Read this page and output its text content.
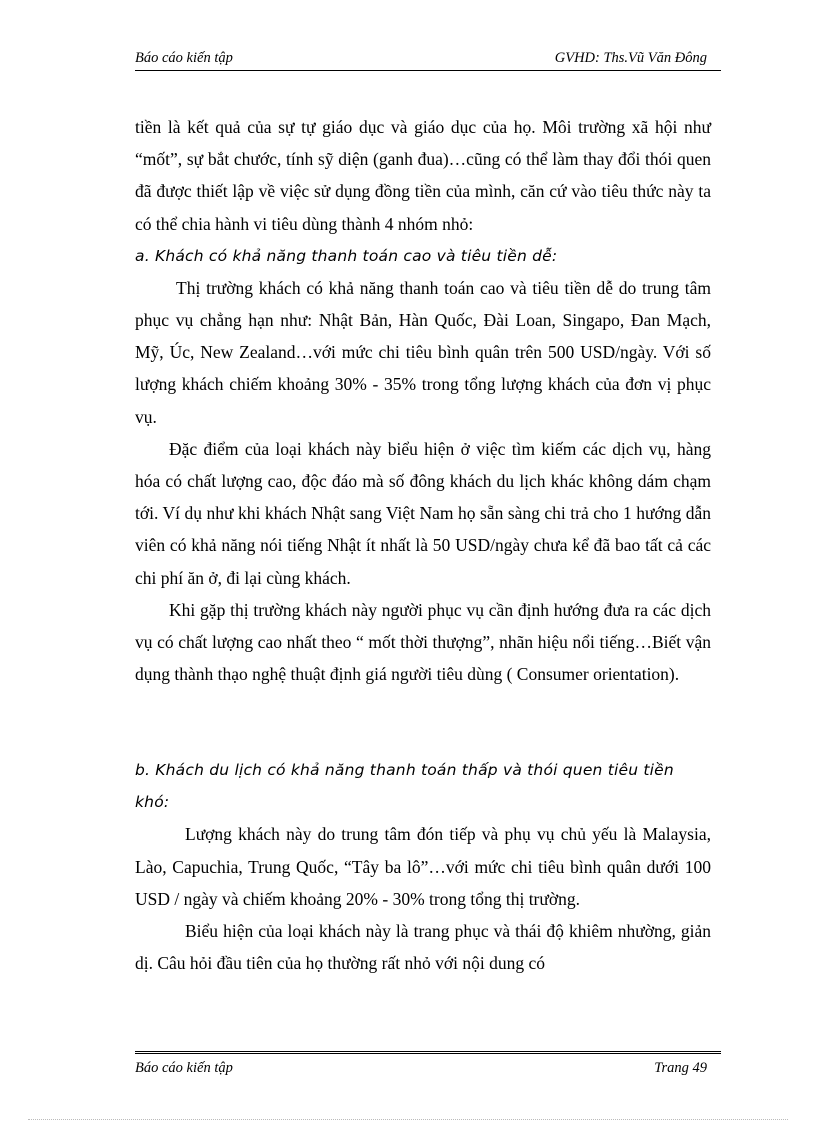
Báo cáo kiến tập	GVHD: Ths.Vũ Văn Đông

tiền là kết quả của sự tự giáo dục và giáo dục của họ. Môi trường xã hội như “mốt”, sự bắt chước, tính sỹ diện (ganh đua)…cũng có thể làm thay đổi thói quen đã được thiết lập về việc sử dụng đồng tiền của mình, căn cứ vào tiêu thức này ta có thể chia hành vi tiêu dùng thành 4 nhóm nhỏ:

a. Khách có khả năng thanh toán cao và tiêu tiền dễ:

Thị trường khách có khả năng thanh toán cao và tiêu tiền dễ do trung tâm phục vụ chẳng hạn như: Nhật Bản, Hàn Quốc, Đài Loan, Singapo, Đan Mạch, Mỹ, Úc, New Zealand…với mức chi tiêu bình quân trên 500 USD/ngày. Với số lượng khách chiếm khoảng 30% - 35% trong tổng lượng khách của đơn vị phục vụ.

Đặc điểm của loại khách này biểu hiện ở việc tìm kiếm các dịch vụ, hàng hóa có chất lượng cao, độc đáo mà số đông khách du lịch khác không dám chạm tới. Ví dụ như khi khách Nhật sang Việt Nam họ sẵn sàng chi trả cho 1 hướng dẫn viên có khả năng nói tiếng Nhật ít nhất là 50 USD/ngày chưa kể đã bao tất cả các chi phí ăn ở, đi lại cùng khách.

Khi gặp thị trường khách này người phục vụ cần định hướng đưa ra các dịch vụ có chất lượng cao nhất theo “ mốt thời thượng”, nhãn hiệu nổi tiếng…Biết vận dụng thành thạo nghệ thuật định giá người tiêu dùng ( Consumer orientation).

b. Khách du lịch có khả năng thanh toán thấp và thói quen tiêu tiền khó:

Lượng khách này do trung tâm đón tiếp và phụ vụ chủ yếu là Malaysia, Lào, Capuchia, Trung Quốc, “Tây ba lô”…với mức chi tiêu bình quân dưới 100 USD / ngày và chiếm khoảng 20% - 30% trong tổng thị trường.

Biểu hiện của loại khách này là trang phục và thái độ khiêm nhường, giản dị. Câu hỏi đầu tiên của họ thường rất nhỏ với nội dung có

Báo cáo kiến tập	Trang 49
